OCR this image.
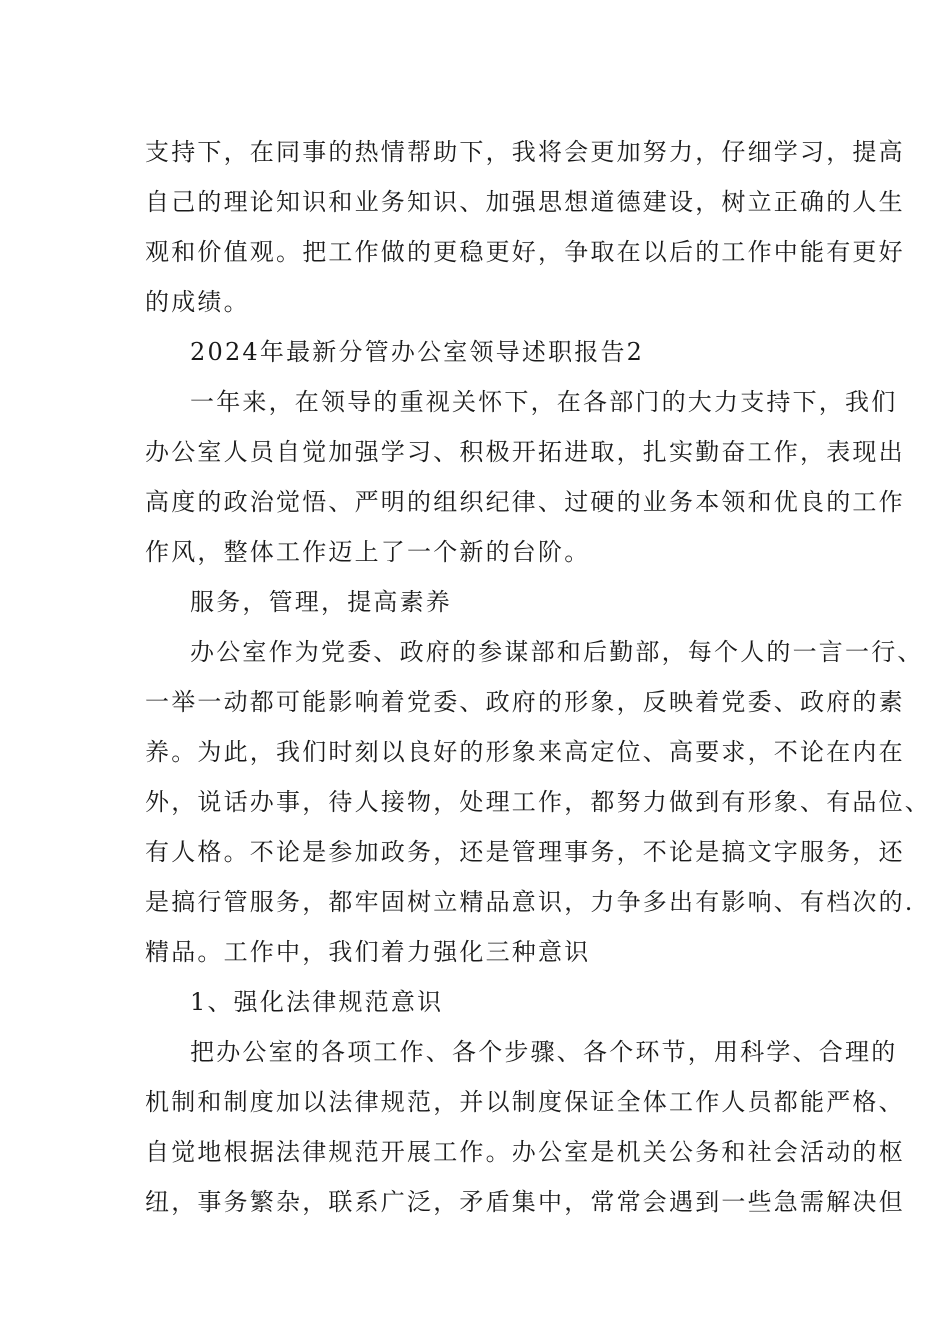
支持下，在同事的热情帮助下，我将会更加努力，仔细学习，提高
自己的理论知识和业务知识、加强思想道德建设，树立正确的人生
观和价值观。把工作做的更稳更好，争取在以后的工作中能有更好
的成绩。
2024年最新分管办公室领导述职报告2
一年来，在领导的重视关怀下，在各部门的大力支持下，我们
办公室人员自觉加强学习、积极开拓进取，扎实勤奋工作，表现出
高度的政治觉悟、严明的组织纪律、过硬的业务本领和优良的工作
作风，整体工作迈上了一个新的台阶。
服务，管理，提高素养
办公室作为党委、政府的参谋部和后勤部，每个人的一言一行、
一举一动都可能影响着党委、政府的形象，反映着党委、政府的素
养。为此，我们时刻以良好的形象来高定位、高要求，不论在内在
外，说话办事，待人接物，处理工作，都努力做到有形象、有品位、
有人格。不论是参加政务，还是管理事务，不论是搞文字服务，还
是搞行管服务，都牢固树立精品意识，力争多出有影响、有档次的.
精品。工作中，我们着力强化三种意识
1、强化法律规范意识
把办公室的各项工作、各个步骤、各个环节，用科学、合理的
机制和制度加以法律规范，并以制度保证全体工作人员都能严格、
自觉地根据法律规范开展工作。办公室是机关公务和社会活动的枢
纽，事务繁杂，联系广泛，矛盾集中，常常会遇到一些急需解决但
